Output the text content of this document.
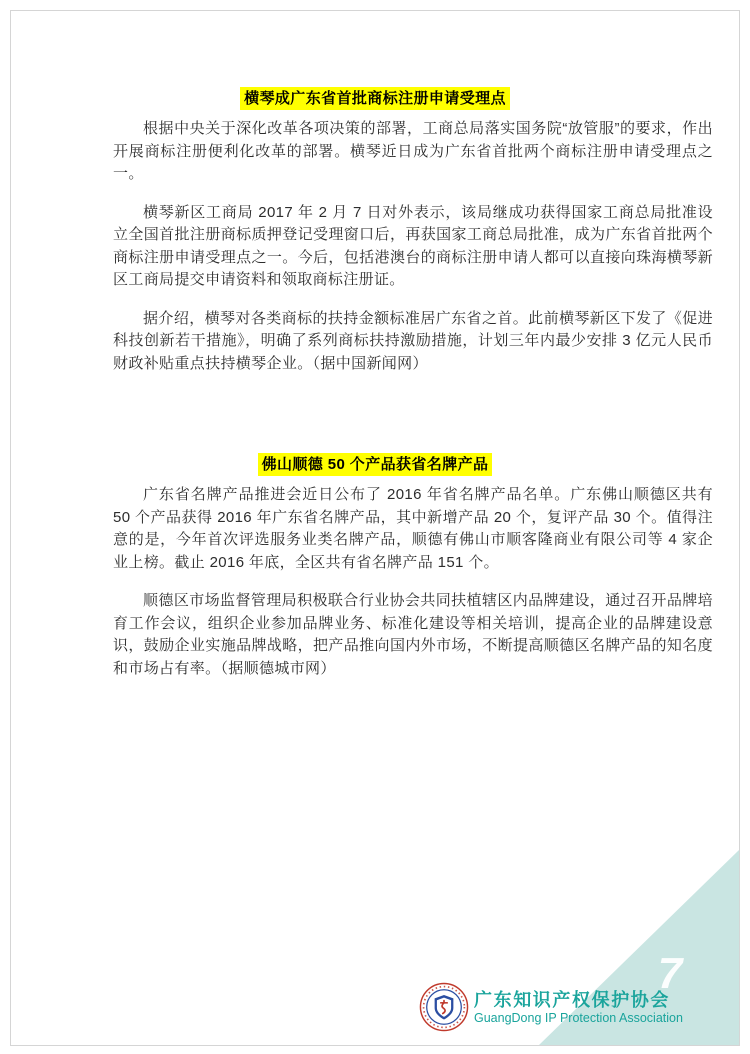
横琴成广东省首批商标注册申请受理点

根据中央关于深化改革各项决策的部署，工商总局落实国务院“放管服”的要求，作出开展商标注册便利化改革的部署。横琴近日成为广东省首批两个商标注册申请受理点之一。

横琴新区工商局 2017 年 2 月 7 日对外表示，该局继成功获得国家工商总局批准设立全国首批注册商标质押登记受理窗口后，再获国家工商总局批准，成为广东省首批两个商标注册申请受理点之一。今后，包括港澳台的商标注册申请人都可以直接向珠海横琴新区工商局提交申请资料和领取商标注册证。

据介绍，横琴对各类商标的扶持金额标准居广东省之首。此前横琴新区下发了《促进科技创新若干措施》，明确了系列商标扶持激励措施，计划三年内最少安排 3 亿元人民币财政补贴重点扶持横琴企业。（据中国新闻网）

佛山顺德 50 个产品获省名牌产品

广东省名牌产品推进会近日公布了 2016 年省名牌产品名单。广东佛山顺德区共有 50 个产品获得 2016 年广东省名牌产品，其中新增产品 20 个，复评产品 30 个。值得注意的是，今年首次评选服务业类名牌产品，顺德有佛山市顺客隆商业有限公司等 4 家企业上榜。截止 2016 年底，全区共有省名牌产品 151 个。

顺德区市场监督管理局积极联合行业协会共同扶植辖区内品牌建设，通过召开品牌培育工作会议，组织企业参加品牌业务、标准化建设等相关培训，提高企业的品牌建设意识，鼓励企业实施品牌战略，把产品推向国内外市场，不断提高顺德区名牌产品的知名度和市场占有率。（据顺德城市网）

7
广东知识产权保护协会
GuangDong IP Protection Association
